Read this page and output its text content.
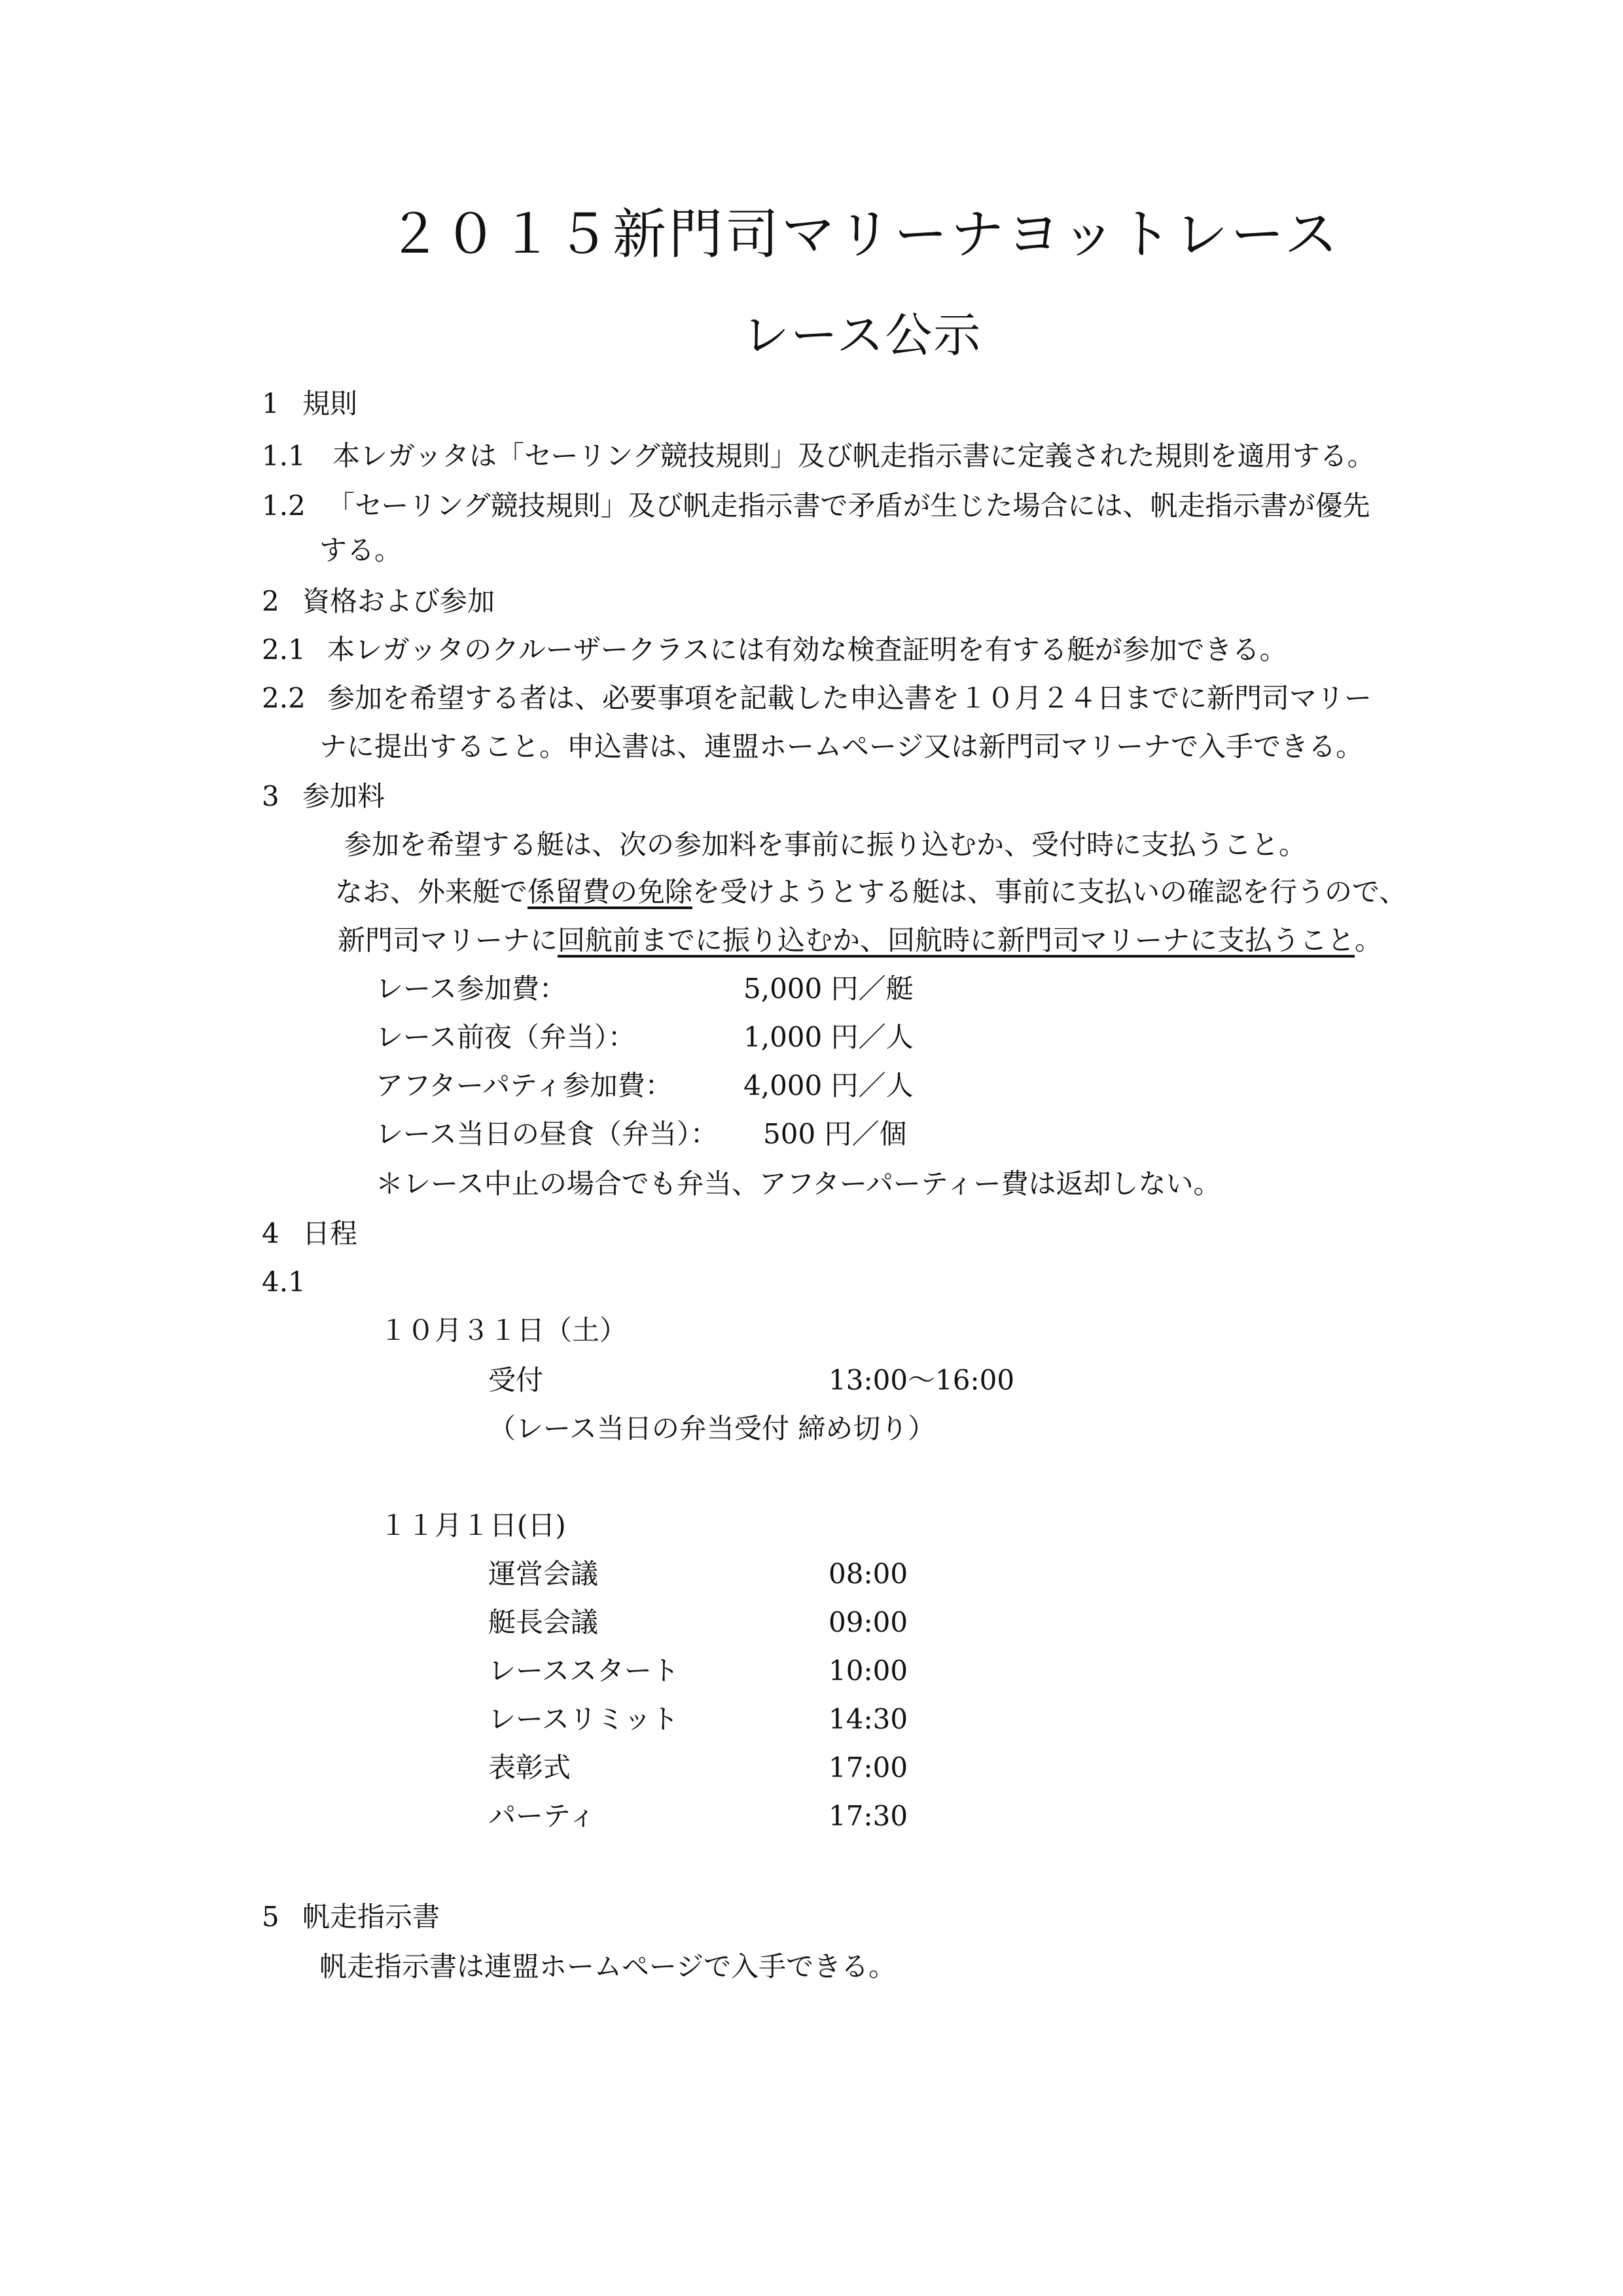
２０１５新門司マリーナヨットレース
レース公示
1 規則
1.1 本レガッタは「セーリング競技規則」及び帆走指示書に定義された規則を適用する。
1.2 「セーリング競技規則」及び帆走指示書で矛盾が生じた場合には、帆走指示書が優先
する。
2 資格および参加
2.1 本レガッタのクルーザークラスには有効な検査証明を有する艇が参加できる。
2.2 参加を希望する者は、必要事項を記載した申込書を１０月２４日までに新門司マリー
ナに提出すること。申込書は、連盟ホームページ又は新門司マリーナで入手できる。
3 参加料
参加を希望する艇は、次の参加料を事前に振り込むか、受付時に支払うこと。
なお、外来艇で係留費の免除を受けようとする艇は、事前に支払いの確認を行うので、
新門司マリーナに回航前までに振り込むか、回航時に新門司マリーナに支払うこと。
レース参加費：	5,000 円／艇
レース前夜（弁当）：	1,000 円／人
アフターパティ参加費：	4,000 円／人
レース当日の昼食（弁当）： 500 円／個
＊レース中止の場合でも弁当、アフターパーティー費は返却しない。
4 日程
4.1
１０月３１日（土）
受付	13:00〜16:00
（レース当日の弁当受付 締め切り）
１１月１日(日)
運営会議	08:00
艇長会議	09:00
レーススタート	10:00
レースリミット	14:30
表彰式	17:00
パーティ	17:30
5 帆走指示書
帆走指示書は連盟ホームページで入手できる。
